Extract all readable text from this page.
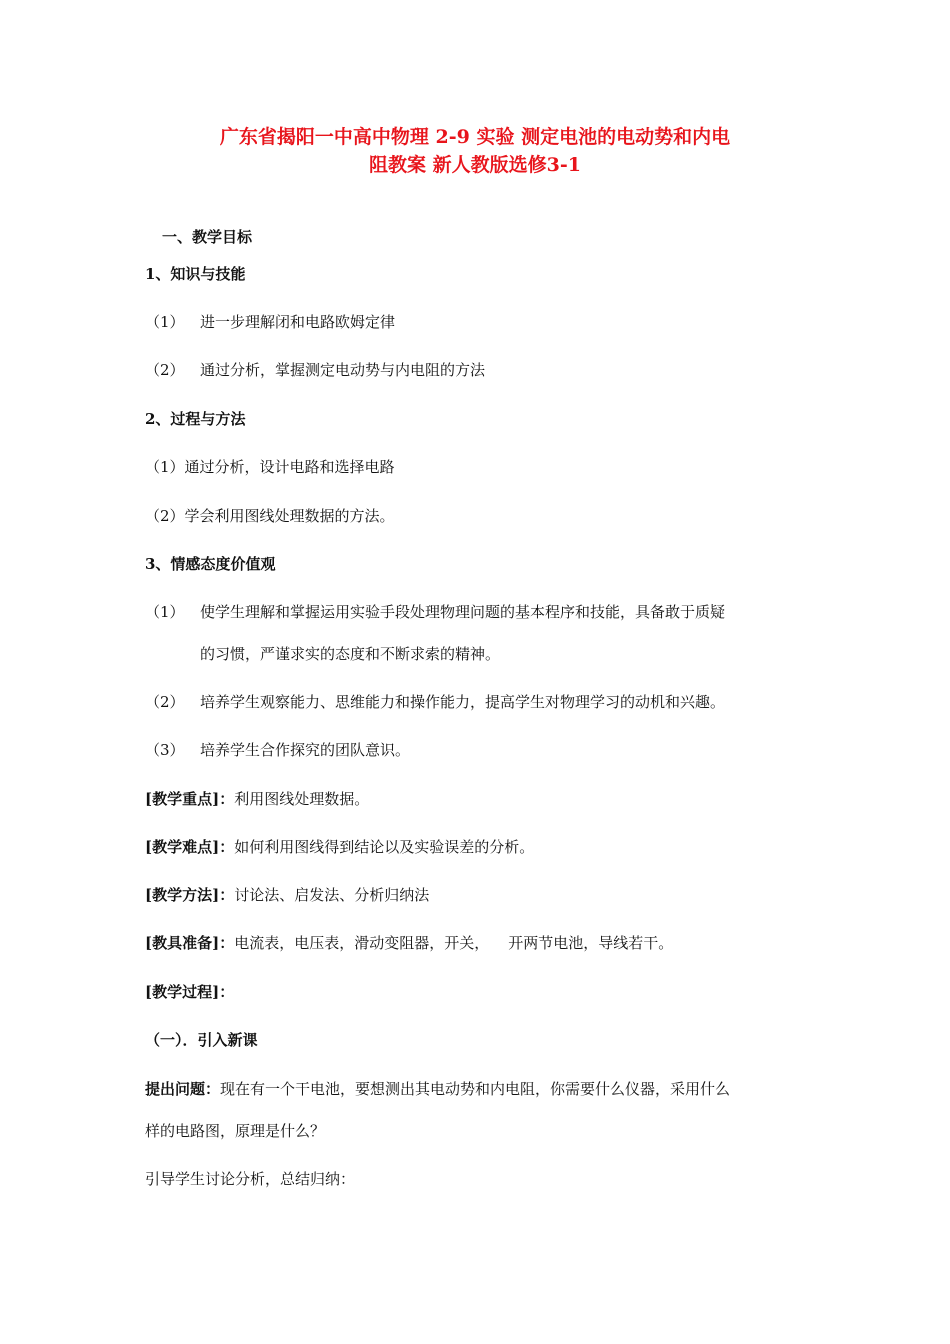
广东省揭阳一中高中物理 2-9 实验 测定电池的电动势和内电
阻教案 新人教版选修3-1
一、教学目标
1、知识与技能
（1） 进一步理解闭和电路欧姆定律
（2） 通过分析，掌握测定电动势与内电阻的方法
2、过程与方法
（1）通过分析，设计电路和选择电路
（2）学会利用图线处理数据的方法。
3、情感态度价值观
（1） 使学生理解和掌握运用实验手段处理物理问题的基本程序和技能，具备敢于质疑
的习惯，严谨求实的态度和不断求索的精神。
（2） 培养学生观察能力、思维能力和操作能力，提高学生对物理学习的动机和兴趣。
（3） 培养学生合作探究的团队意识。
[教学重点]：利用图线处理数据。
[教学难点]：如何利用图线得到结论以及实验误差的分析。
[教学方法]：讨论法、启发法、分析归纳法
[教具准备]：电流表，电压表，滑动变阻器，开关，    开两节电池，导线若干。
[教学过程]：
（一）．引入新课
提出问题：现在有一个干电池，要想测出其电动势和内电阻，你需要什么仪器，采用什么
样的电路图，原理是什么？
引导学生讨论分析，总结归纳：
